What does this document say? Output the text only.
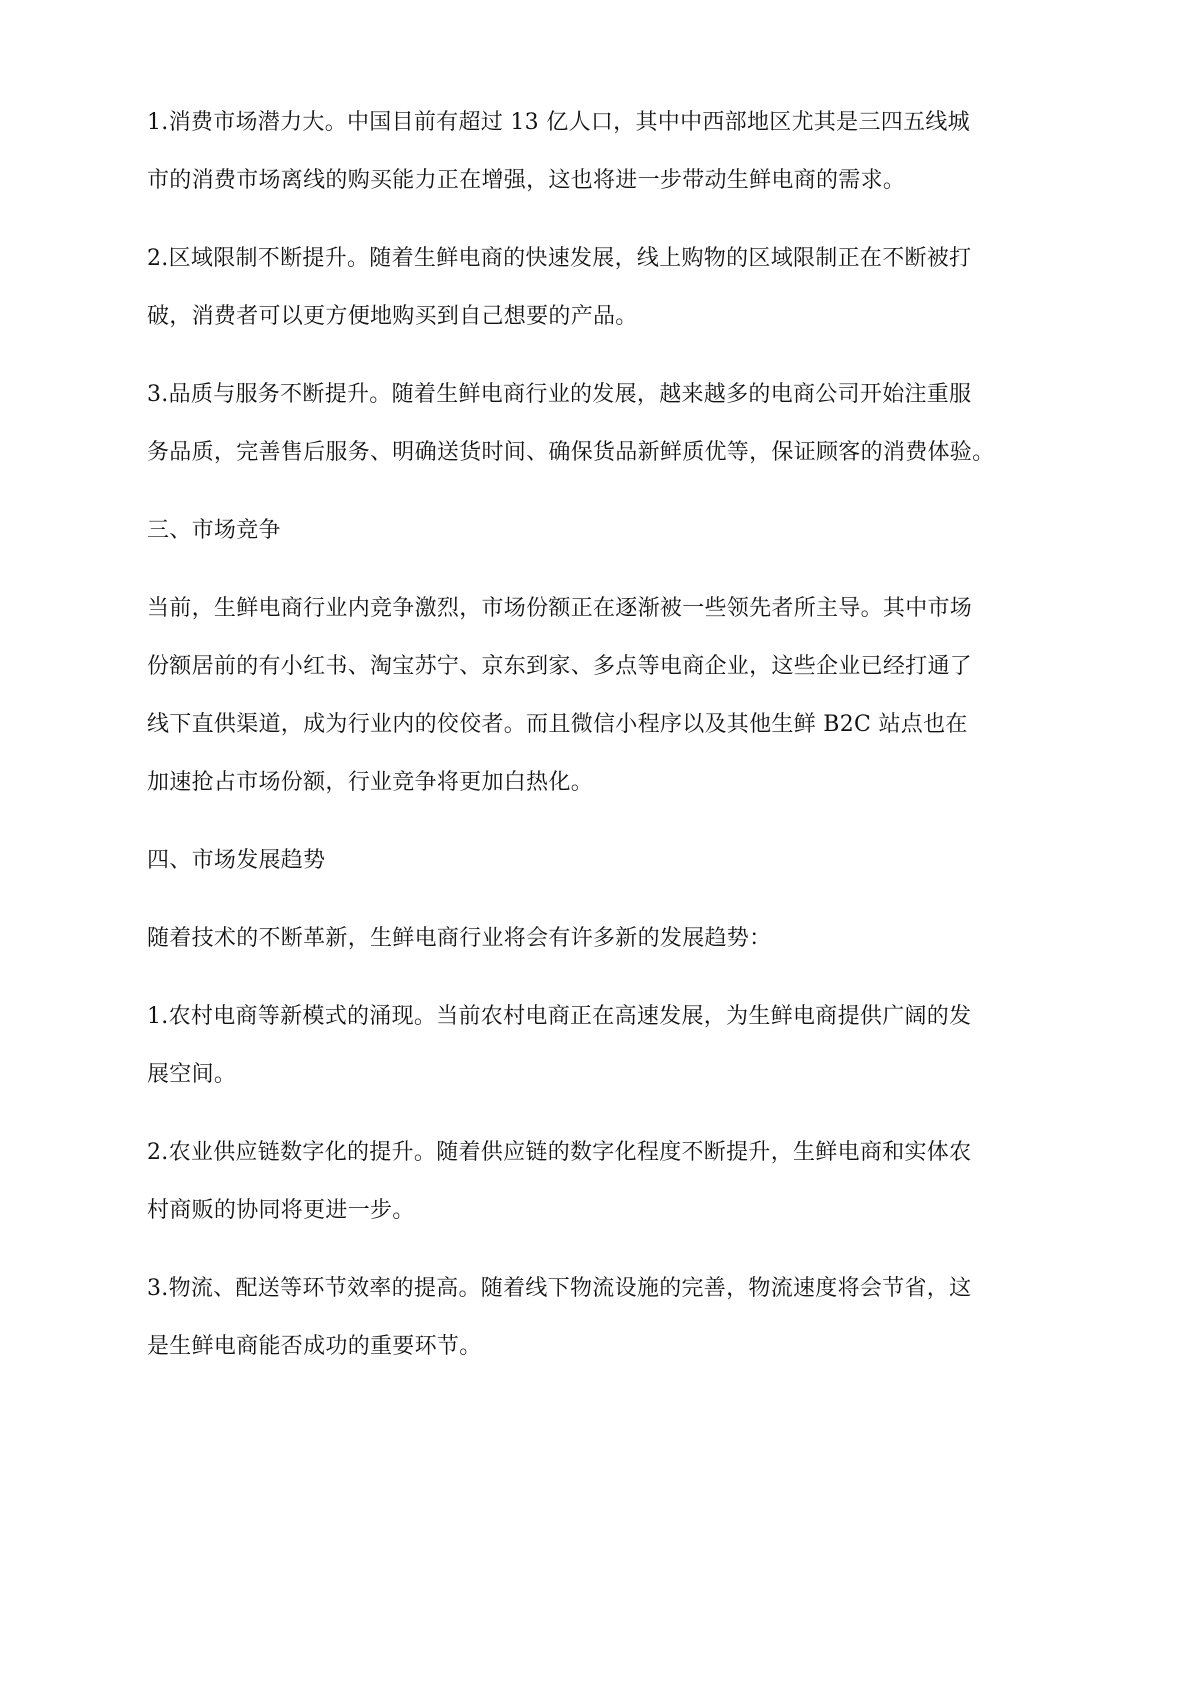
1.消费市场潜力大。中国目前有超过 13 亿人口，其中中西部地区尤其是三四五线城
市的消费市场离线的购买能力正在增强，这也将进一步带动生鲜电商的需求。
2.区域限制不断提升。随着生鲜电商的快速发展，线上购物的区域限制正在不断被打
破，消费者可以更方便地购买到自己想要的产品。
3.品质与服务不断提升。随着生鲜电商行业的发展，越来越多的电商公司开始注重服
务品质，完善售后服务、明确送货时间、确保货品新鲜质优等，保证顾客的消费体验。
三、市场竞争
当前，生鲜电商行业内竞争激烈，市场份额正在逐渐被一些领先者所主导。其中市场
份额居前的有小红书、淘宝苏宁、京东到家、多点等电商企业，这些企业已经打通了
线下直供渠道，成为行业内的佼佼者。而且微信小程序以及其他生鲜 B2C 站点也在
加速抢占市场份额，行业竞争将更加白热化。
四、市场发展趋势
随着技术的不断革新，生鲜电商行业将会有许多新的发展趋势：
1.农村电商等新模式的涌现。当前农村电商正在高速发展，为生鲜电商提供广阔的发
展空间。
2.农业供应链数字化的提升。随着供应链的数字化程度不断提升，生鲜电商和实体农
村商贩的协同将更进一步。
3.物流、配送等环节效率的提高。随着线下物流设施的完善，物流速度将会节省，这
是生鲜电商能否成功的重要环节。
